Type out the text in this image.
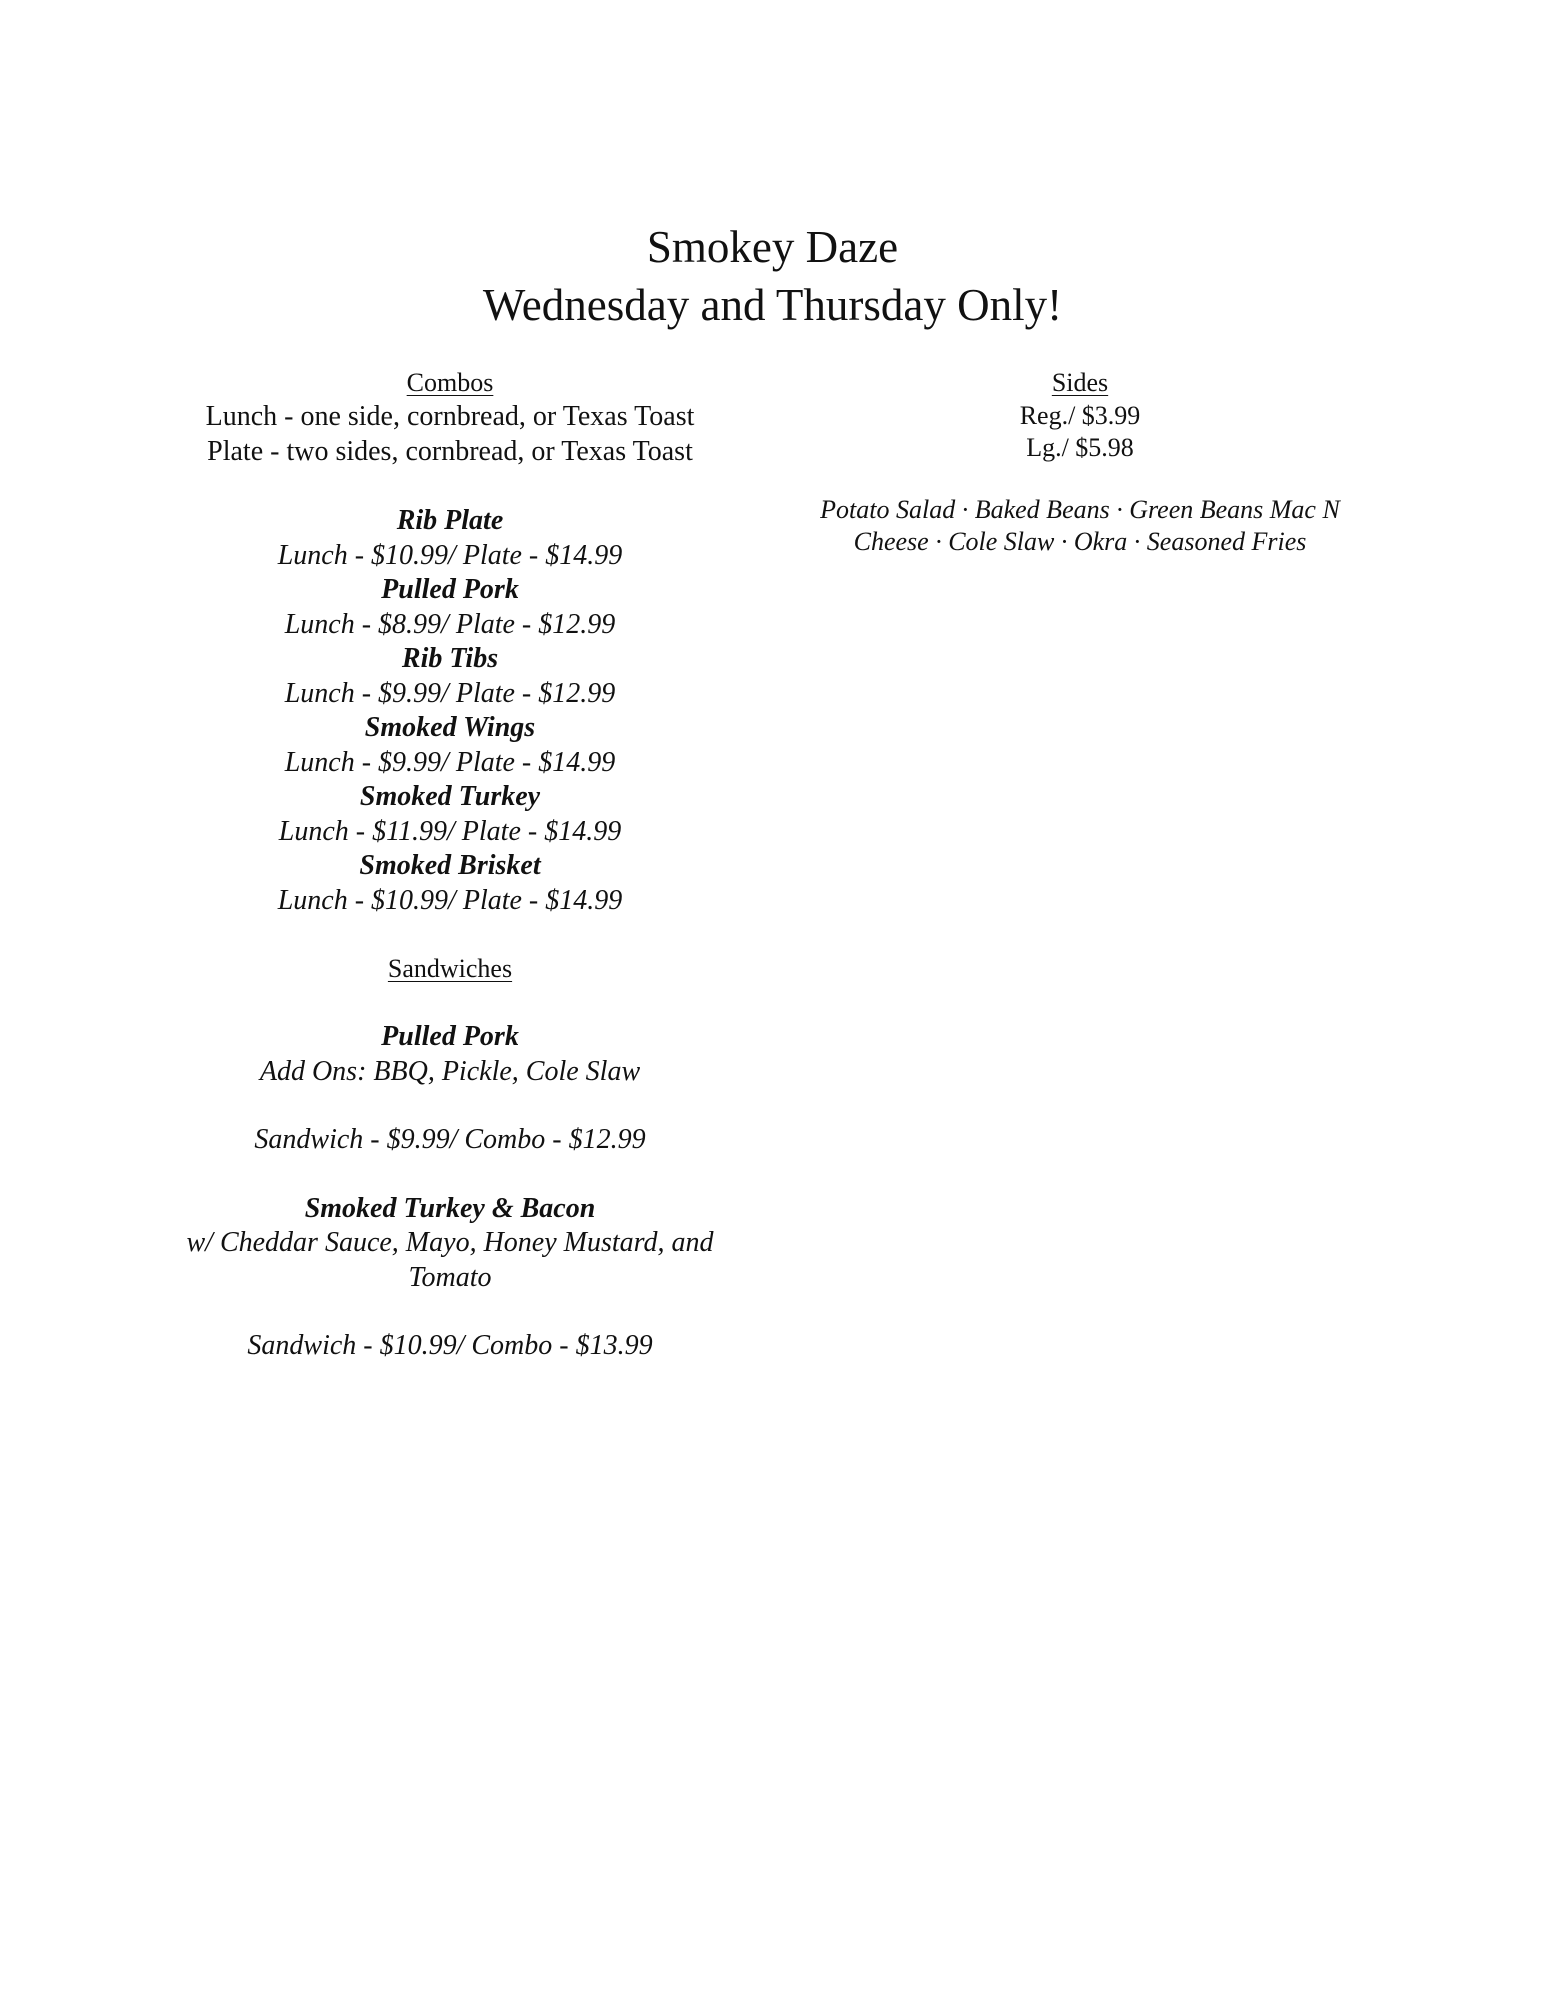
Smokey Daze
Wednesday and Thursday Only!
Combos
Lunch - one side, cornbread, or Texas Toast
Plate - two sides, cornbread, or Texas Toast
Rib Plate
Lunch - $10.99/ Plate - $14.99
Pulled Pork
Lunch - $8.99/ Plate - $12.99
Rib Tibs
Lunch - $9.99/ Plate - $12.99
Smoked Wings
Lunch - $9.99/ Plate - $14.99
Smoked Turkey
Lunch - $11.99/ Plate - $14.99
Smoked Brisket
Lunch - $10.99/ Plate - $14.99
Sandwiches
Pulled Pork
Add Ons: BBQ, Pickle, Cole Slaw
Sandwich - $9.99/ Combo - $12.99
Smoked Turkey & Bacon
w/ Cheddar Sauce, Mayo, Honey Mustard, and Tomato
Sandwich - $10.99/ Combo - $13.99
Sides
Reg./ $3.99
Lg./ $5.98
Potato Salad · Baked Beans · Green Beans Mac N Cheese · Cole Slaw · Okra · Seasoned Fries
